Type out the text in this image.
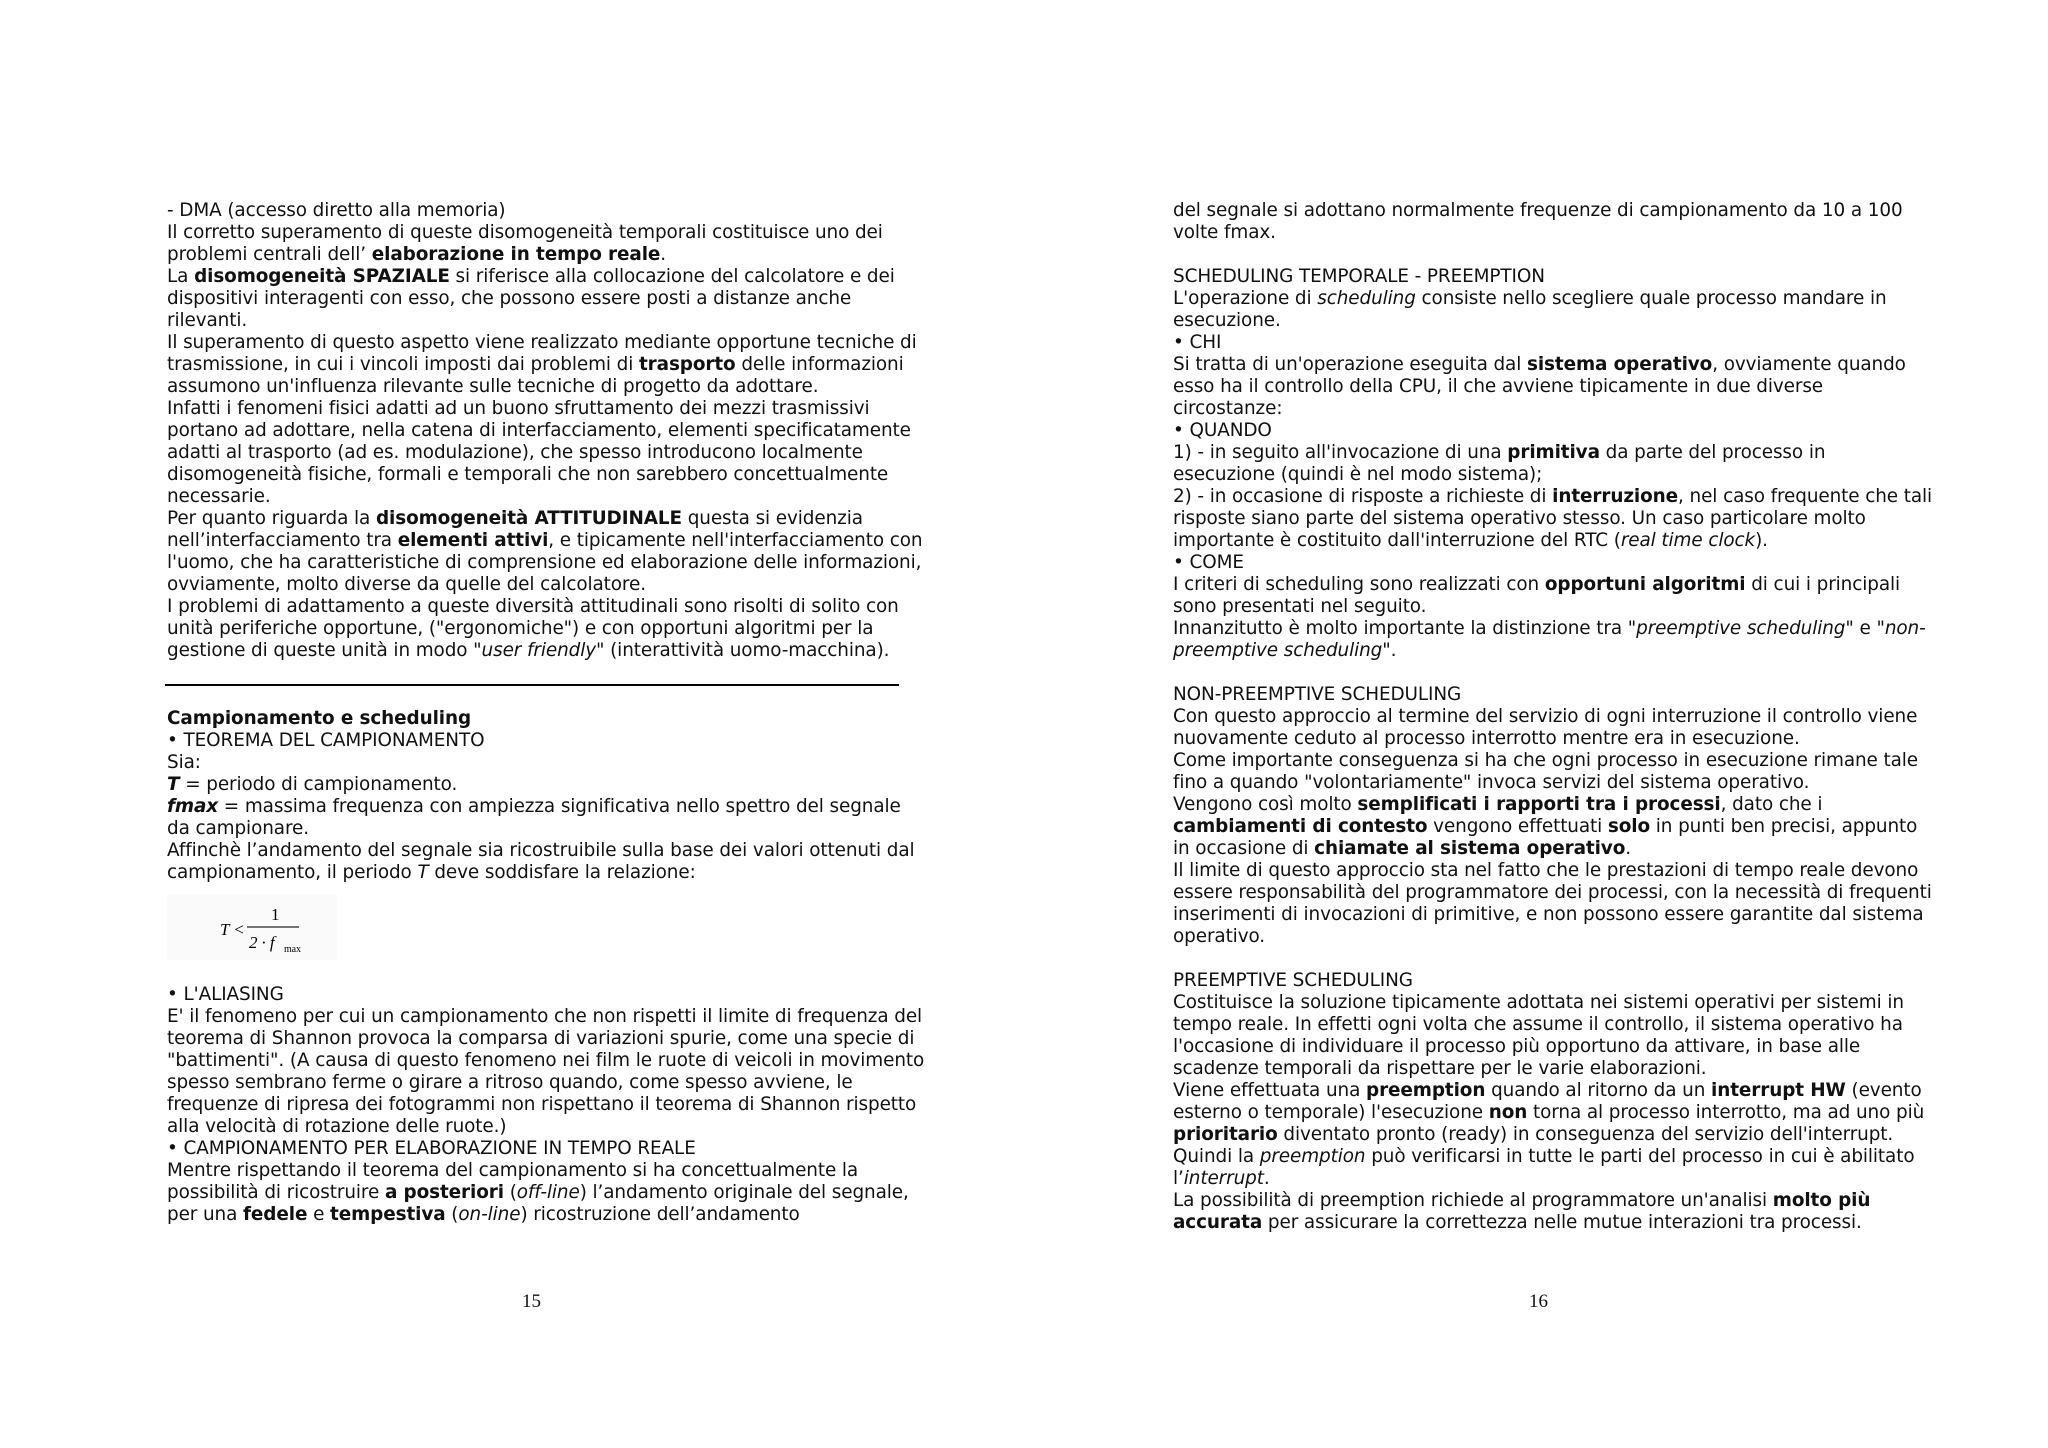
- DMA (accesso diretto alla memoria)

Il corretto superamento di queste disomogeneità temporali costituisce uno dei problemi centrali dell’ elaborazione in tempo reale.

La disomogeneità SPAZIALE si riferisce alla collocazione del calcolatore e dei dispositivi interagenti con esso, che possono essere posti a distanze anche rilevanti.

Il superamento di questo aspetto viene realizzato mediante opportune tecniche di trasmissione, in cui i vincoli imposti dai problemi di trasporto delle informazioni assumono un'influenza rilevante sulle tecniche di progetto da adottare.

Infatti i fenomeni fisici adatti ad un buono sfruttamento dei mezzi trasmissivi portano ad adottare, nella catena di interfacciamento, elementi specificatamente adatti al trasporto (ad es. modulazione), che spesso introducono localmente disomogeneità fisiche, formali e temporali che non sarebbero concettualmente necessarie.

Per quanto riguarda la disomogeneità ATTITUDINALE questa si evidenzia nell’interfacciamento tra elementi attivi, e tipicamente nell'interfacciamento con l'uomo, che ha caratteristiche di comprensione ed elaborazione delle informazioni, ovviamente, molto diverse da quelle del calcolatore.

I problemi di adattamento a queste diversità attitudinali sono risolti di solito con unità periferiche opportune, ("ergonomiche") e con opportuni algoritmi per la gestione di queste unità in modo "user friendly" (interattività uomo-macchina).

Campionamento e scheduling

• TEOREMA DEL CAMPIONAMENTO

Sia:

T = periodo di campionamento.

fmax = massima frequenza con ampiezza significativa nello spettro del segnale da campionare.

Affinchè l’andamento del segnale sia ricostruibile sulla base dei valori ottenuti dal campionamento, il periodo T deve soddisfare la relazione:

T <
1
2 · f max

• L'ALIASING

E' il fenomeno per cui un campionamento che non rispetti il limite di frequenza del teorema di Shannon provoca la comparsa di variazioni spurie, come una specie di "battimenti". (A causa di questo fenomeno nei film le ruote di veicoli in movimento spesso sembrano ferme o girare a ritroso quando, come spesso avviene, le frequenze di ripresa dei fotogrammi non rispettano il teorema di Shannon rispetto alla velocità di rotazione delle ruote.)

• CAMPIONAMENTO PER ELABORAZIONE IN TEMPO REALE

Mentre rispettando il teorema del campionamento si ha concettualmente la possibilità di ricostruire a posteriori (off-line) l’andamento originale del segnale, per una fedele e tempestiva (on-line) ricostruzione dell’andamento

15

del segnale si adottano normalmente frequenze di campionamento da 10 a 100 volte fmax.

SCHEDULING TEMPORALE - PREEMPTION

L'operazione di scheduling consiste nello scegliere quale processo mandare in esecuzione.

• CHI

Si tratta di un'operazione eseguita dal sistema operativo, ovviamente quando esso ha il controllo della CPU, il che avviene tipicamente in due diverse circostanze:

• QUANDO

1) - in seguito all'invocazione di una primitiva da parte del processo in esecuzione (quindi è nel modo sistema);

2) - in occasione di risposte a richieste di interruzione, nel caso frequente che tali risposte siano parte del sistema operativo stesso. Un caso particolare molto importante è costituito dall'interruzione del RTC (real time clock).

• COME

I criteri di scheduling sono realizzati con opportuni algoritmi di cui i principali sono presentati nel seguito.

Innanzitutto è molto importante la distinzione tra "preemptive scheduling" e "non-preemptive scheduling".

NON-PREEMPTIVE SCHEDULING

Con questo approccio al termine del servizio di ogni interruzione il controllo viene nuovamente ceduto al processo interrotto mentre era in esecuzione.

Come importante conseguenza si ha che ogni processo in esecuzione rimane tale fino a quando "volontariamente" invoca servizi del sistema operativo.

Vengono così molto semplificati i rapporti tra i processi, dato che i cambiamenti di contesto vengono effettuati solo in punti ben precisi, appunto in occasione di chiamate al sistema operativo.

Il limite di questo approccio sta nel fatto che le prestazioni di tempo reale devono essere responsabilità del programmatore dei processi, con la necessità di frequenti inserimenti di invocazioni di primitive, e non possono essere garantite dal sistema operativo.

PREEMPTIVE SCHEDULING

Costituisce la soluzione tipicamente adottata nei sistemi operativi per sistemi in tempo reale. In effetti ogni volta che assume il controllo, il sistema operativo ha l'occasione di individuare il processo più opportuno da attivare, in base alle scadenze temporali da rispettare per le varie elaborazioni.

Viene effettuata una preemption quando al ritorno da un interrupt HW (evento esterno o temporale) l'esecuzione non torna al processo interrotto, ma ad uno più prioritario diventato pronto (ready) in conseguenza del servizio dell'interrupt. Quindi la preemption può verificarsi in tutte le parti del processo in cui è abilitato l’interrupt.

La possibilità di preemption richiede al programmatore un'analisi molto più accurata per assicurare la correttezza nelle mutue interazioni tra processi.

16
